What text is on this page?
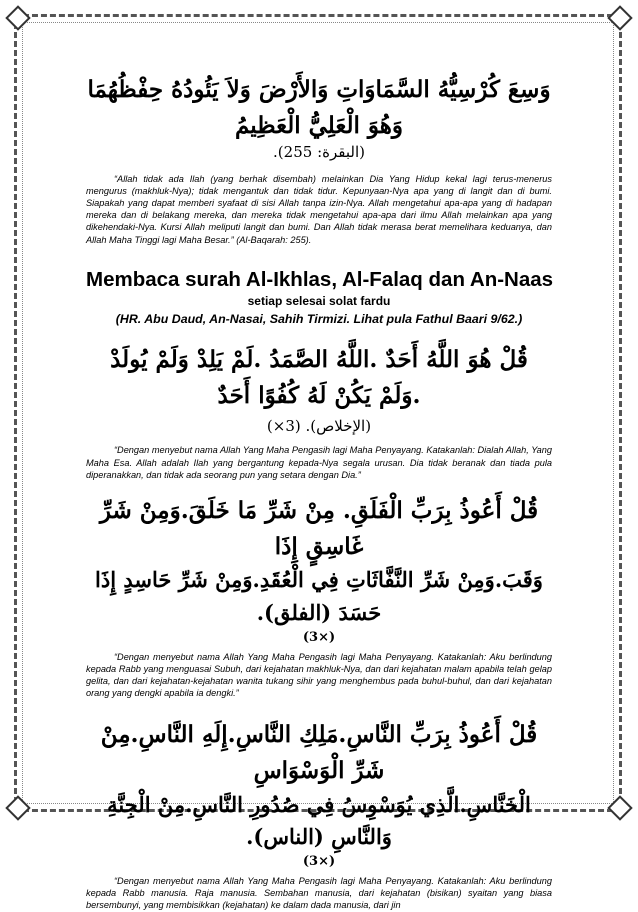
وَسِعَ كُرْسِيُّهُ السَّمَاوَاتِ وَالأَرْضَ وَلاَ يَئُودُهُ حِفْظُهُمَا وَهُوَ الْعَلِيُّ الْعَظِيمُ
(البقرة: 255).

“Allah tidak ada Ilah (yang berhak disembah) melainkan Dia Yang Hidup kekal lagi terus-menerus mengurus (makhluk-Nya); tidak mengantuk dan tidak tidur. Kepunyaan-Nya apa yang di langit dan di bumi. Siapakah yang dapat memberi syafaat di sisi Allah tanpa izin-Nya. Allah mengetahui apa-apa yang di hadapan mereka dan di belakang mereka, dan mereka tidak mengetahui apa-apa dari ilmu Allah melainkan apa yang dikehendaki-Nya. Kursi Allah meliputi langit dan bumi. Dan Allah tidak merasa berat memelihara keduanya, dan Allah Maha Tinggi lagi Maha Besar.” (Al-Baqarah: 255).

Membaca surah Al-Ikhlas, Al-Falaq dan An-Naas

setiap selesai solat fardu

(HR. Abu Daud, An-Nasai, Sahih Tirmizi. Lihat pula Fathul Baari 9/62.)

قُلْ هُوَ اللَّهُ أَحَدٌ .اللَّهُ الصَّمَدُ .لَمْ يَلِدْ وَلَمْ يُولَدْ .وَلَمْ يَكُنْ لَهُ كُفُوًا أَحَدٌ
(الإخلاص). (3×)

“Dengan menyebut nama Allah Yang Maha Pengasih lagi Maha Penyayang. Katakanlah: Dialah Allah, Yang Maha Esa. Allah adalah Ilah yang bergantung kepada-Nya segala urusan. Dia tidak beranak dan tiada pula diperanakkan, dan tidak ada seorang pun yang setara dengan Dia.”

قُلْ أَعُوذُ بِرَبِّ الْفَلَقِ. مِنْ شَرِّ مَا خَلَقَ.وَمِنْ شَرِّ غَاسِقٍ إِذَا
وَقَبَ.وَمِنْ شَرِّ النَّفَّاثَاتِ فِي الْعُقَدِ.وَمِنْ شَرِّ حَاسِدٍ إِذَا حَسَدَ (الفلق).
(3×)

“Dengan menyebut nama Allah Yang Maha Pengasih lagi Maha Penyayang. Katakanlah: Aku berlindung kepada Rabb yang menguasai Subuh, dari kejahatan makhluk-Nya, dan dari kejahatan malam apabila telah gelap gelita, dan dari kejahatan-kejahatan wanita tukang sihir yang menghembus pada buhul-buhul, dan dari kejahatan orang yang dengki apabila ia dengki.”

قُلْ أَعُوذُ بِرَبِّ النَّاسِ.مَلِكِ النَّاسِ.إِلَهِ النَّاسِ.مِنْ شَرِّ الْوَسْوَاسِ
الْخَنَّاسِ.الَّذِي يُوَسْوِسُ فِي صُدُورِ النَّاسِ.مِنْ الْجِنَّةِ وَالنَّاسِ (الناس).
(3×)

“Dengan menyebut nama Allah Yang Maha Pengasih lagi Maha Penyayang. Katakanlah: Aku berlindung kepada Rabb manusia. Raja manusia. Sembahan manusia, dari kejahatan (bisikan) syaitan yang biasa bersembunyi, yang membisikkan (kejahatan) ke dalam dada manusia, dari jin
